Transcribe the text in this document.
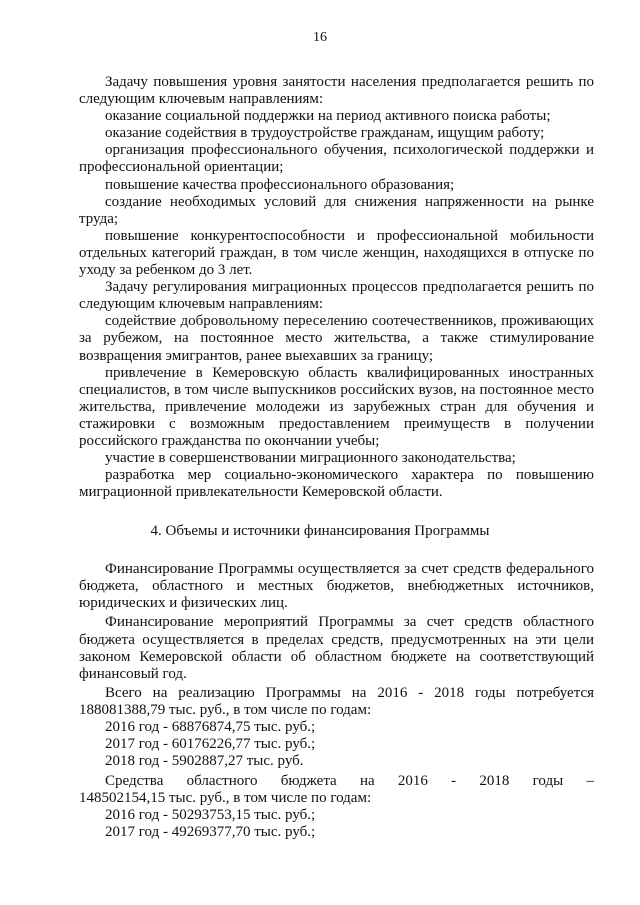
16

Задачу повышения уровня занятости населения предполагается решить по следующим ключевым направлениям:

оказание социальной поддержки на период активного поиска работы;

оказание содействия в трудоустройстве гражданам, ищущим работу;

организация профессионального обучения, психологической поддержки и профессиональной ориентации;

повышение качества профессионального образования;

создание необходимых условий для снижения напряженности на рынке труда;

повышение конкурентоспособности и профессиональной мобильности отдельных категорий граждан, в том числе женщин, находящихся в отпуске по уходу за ребенком до 3 лет.

Задачу регулирования миграционных процессов предполагается решить по следующим ключевым направлениям:

содействие добровольному переселению соотечественников, проживающих за рубежом, на постоянное место жительства, а также стимулирование возвращения эмигрантов, ранее выехавших за границу;

привлечение в Кемеровскую область квалифицированных иностранных специалистов, в том числе выпускников российских вузов, на постоянное место жительства, привлечение молодежи из зарубежных стран для обучения и стажировки с возможным предоставлением преимуществ в получении российского гражданства по окончании учебы;

участие в совершенствовании миграционного законодательства;

разработка мер социально-экономического характера по повышению миграционной привлекательности Кемеровской области.

4. Объемы и источники финансирования Программы

Финансирование Программы осуществляется за счет средств федерального бюджета, областного и местных бюджетов, внебюджетных источников, юридических и физических лиц.

Финансирование мероприятий Программы за счет средств областного бюджета осуществляется в пределах средств, предусмотренных на эти цели законом Кемеровской области об областном бюджете на соответствующий финансовый год.

Всего на реализацию Программы на 2016 - 2018 годы потребуется

188081388,79 тыс. руб., в том числе по годам:

2016 год - 68876874,75 тыс. руб.;

2017 год - 60176226,77 тыс. руб.;

2018 год - 5902887,27 тыс. руб.

Средства областного бюджета на 2016 - 2018 годы –

148502154,15 тыс. руб., в том числе по годам:

2016 год - 50293753,15 тыс. руб.;

2017 год - 49269377,70 тыс. руб.;
